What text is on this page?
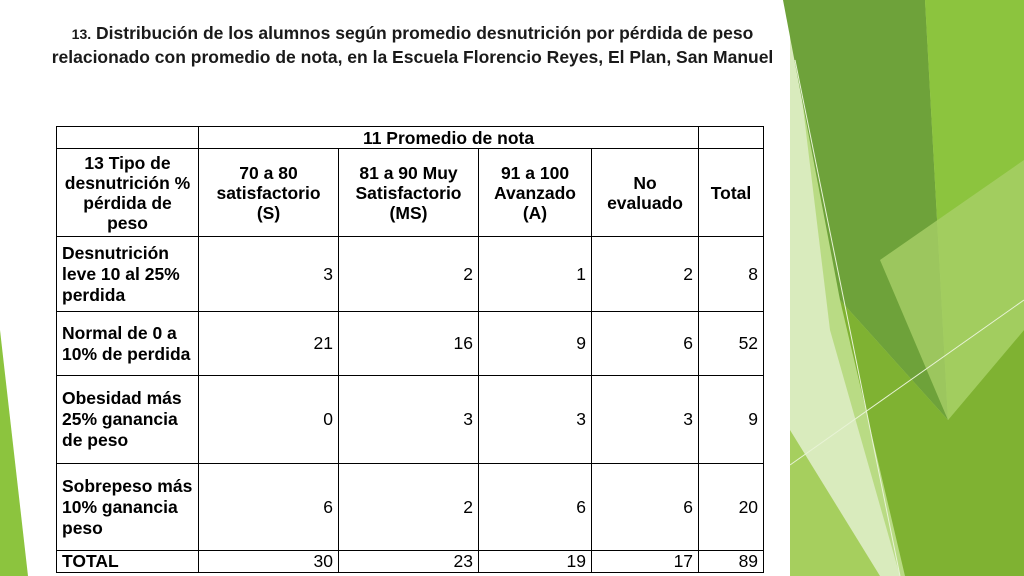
13. Distribución de los alumnos según promedio desnutrición por pérdida de peso relacionado con promedio de nota, en la Escuela Florencio Reyes, El Plan, San Manuel
	11 Promedio de nota				
13 Tipo de desnutrición % pérdida de peso	70 a 80 satisfactorio (S)	81 a 90 Muy Satisfactorio (MS)	91 a 100 Avanzado (A)	No evaluado	Total
Desnutrición leve 10 al 25% perdida	3	2	1	2	8
Normal de 0 a 10% de perdida	21	16	9	6	52
Obesidad más 25% ganancia de peso	0	3	3	3	9
Sobrepeso más 10% ganancia peso	6	2	6	6	20
TOTAL	30	23	19	17	89
